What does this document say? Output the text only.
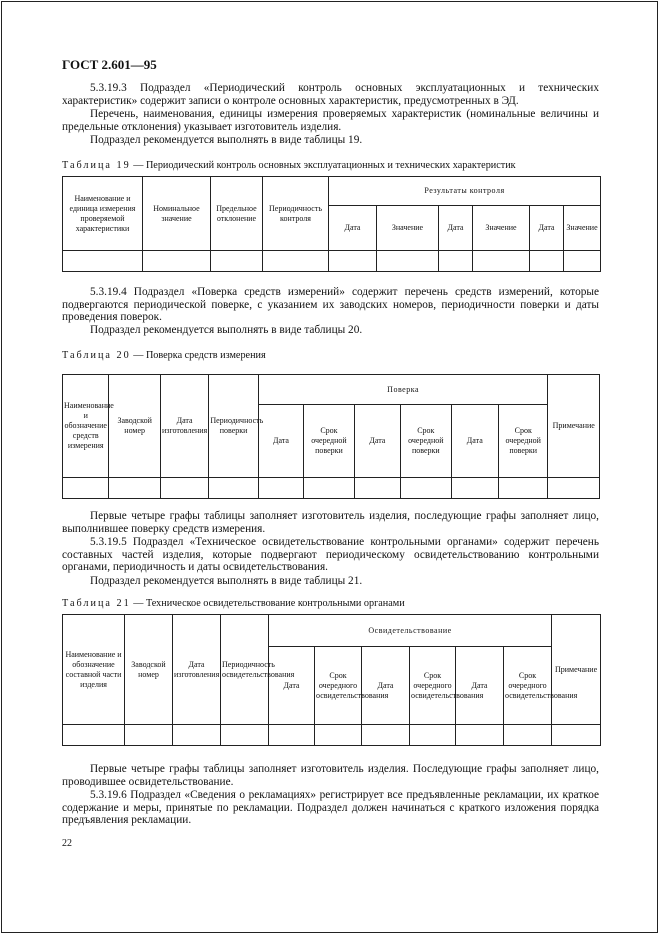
ГОСТ 2.601—95

5.3.19.3 Подраздел «Периодический контроль основных эксплуатационных и технических характеристик» содержит записи о контроле основных характеристик, предусмотренных в ЭД.

Перечень, наименования, единицы измерения проверяемых характеристик (номинальные величины и предельные отклонения) указывает изготовитель изделия.

Подраздел рекомендуется выполнять в виде таблицы 19.

Таблица 19 — Периодический контроль основных эксплуатационных и технических характеристик
Наименование и единица измерения проверяемой характеристики	Номинальное значение	Предельное отклонение	Периодичность контроля	Результаты контроля					
				Дата	Значение	Дата	Значение	Дата	Значение

5.3.19.4 Подраздел «Поверка средств измерений» содержит перечень средств измерений, которые подвергаются периодической поверке, с указанием их заводских номеров, периодичности поверки и даты проведения поверок.

Подраздел рекомендуется выполнять в виде таблицы 20.

Таблица 20 — Поверка средств измерения
Наименование и обозначение средств измерения	Заводской номер	Дата изготовления	Периодичность поверки	Поверка						Примечание
				Дата	Срок очередной поверки	Дата	Срок очередной поверки	Дата	Срок очередной поверки	

Первые четыре графы таблицы заполняет изготовитель изделия, последующие графы заполняет лицо, выполнившее поверку средств измерения.

5.3.19.5 Подраздел «Техническое освидетельствование контрольными органами» содержит перечень составных частей изделия, которые подвергают периодическому освидетельствованию контрольными органами, периодичность и даты освидетельствования.

Подраздел рекомендуется выполнять в виде таблицы 21.

Таблица 21 — Техническое освидетельствование контрольными органами
Наименование и обозначение составной части изделия	Заводской номер	Дата изготовления	Периодичность освидетельствования	Освидетельствование						Примечание
				Дата	Срок очередного освидетельствования	Дата	Срок очередного освидетельствования	Дата	Срок очередного освидетельствования	

Первые четыре графы таблицы заполняет изготовитель изделия. Последующие графы заполняет лицо, проводившее освидетельствование.

5.3.19.6 Подраздел «Сведения о рекламациях» регистрирует все предъявленные рекламации, их краткое содержание и меры, принятые по рекламации. Подраздел должен начинаться с краткого изложения порядка предъявления рекламации.

22
